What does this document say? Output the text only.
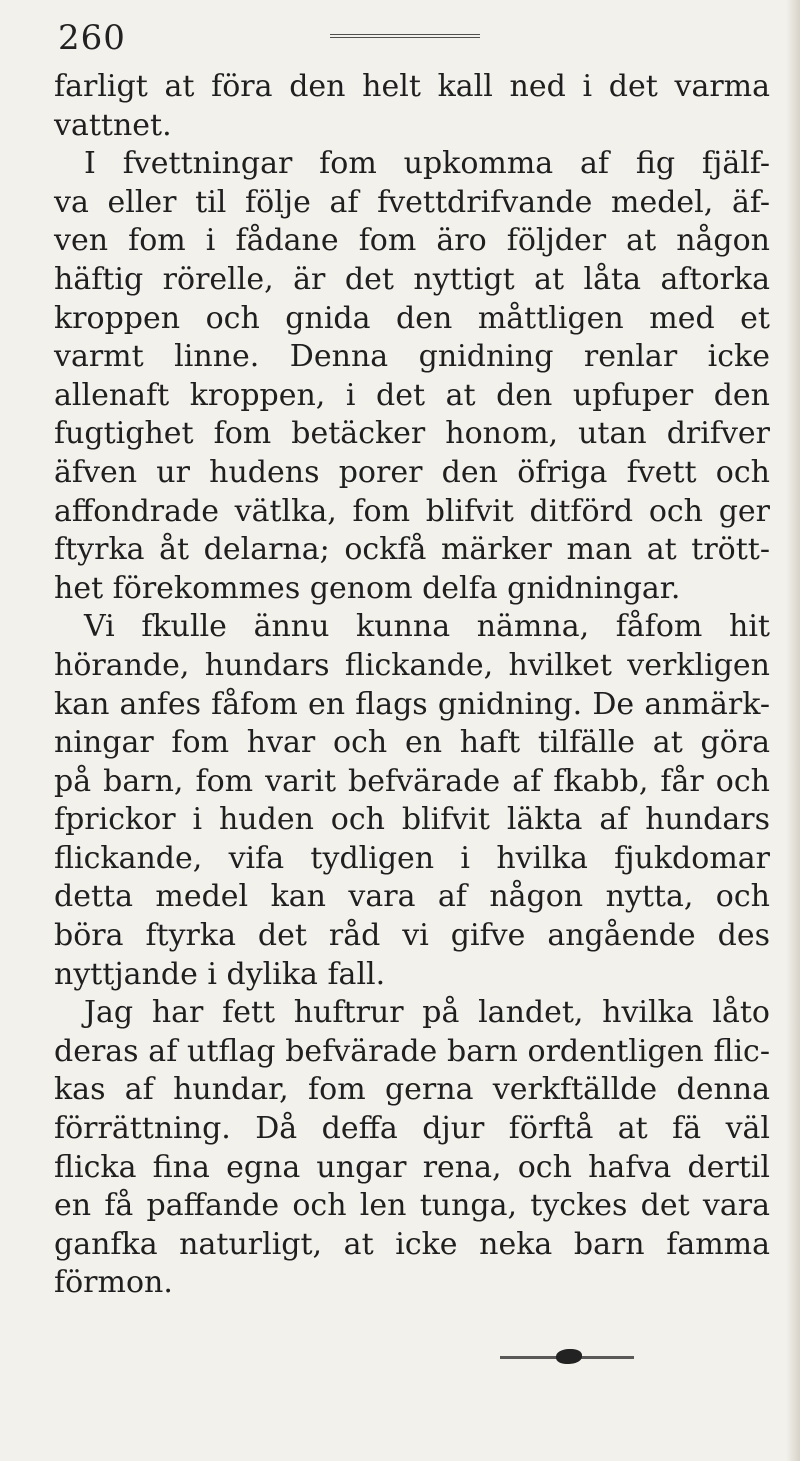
260
farligt at föra den helt kall ned i det varma
vattnet.
I fvettningar fom upkomma af fig fjälf-
va eller til följe af fvettdrifvande medel, äf-
ven fom i fådane fom äro följder at någon
häftig rörelle, är det nyttigt at låta aftorka
kroppen och gnida den måttligen med et
varmt linne. Denna gnidning renlar icke
allenaft kroppen, i det at den upfuper den
fugtighet fom betäcker honom, utan drifver
äfven ur hudens porer den öfriga fvett och
affondrade vätlka, fom blifvit ditförd och ger
ftyrka åt delarna; ockfå märker man at trött-
het förekommes genom delfa gnidningar.
Vi fkulle ännu kunna nämna, fåfom hit
hörande, hundars flickande, hvilket verkligen
kan anfes fåfom en flags gnidning. De anmärk-
ningar fom hvar och en haft tilfälle at göra
på barn, fom varit befvärade af fkabb, får och
fprickor i huden och blifvit läkta af hundars
flickande, vifa tydligen i hvilka fjukdomar
detta medel kan vara af någon nytta, och
böra ftyrka det råd vi gifve angående des
nyttjande i dylika fall.
Jag har fett huftrur på landet, hvilka låto
deras af utflag befvärade barn ordentligen flic-
kas af hundar, fom gerna verkftällde denna
förrättning. Då deffa djur förftå at fä väl
flicka fina egna ungar rena, och hafva dertil
en få paffande och len tunga, tyckes det vara
ganfka naturligt, at icke neka barn famma
förmon.
